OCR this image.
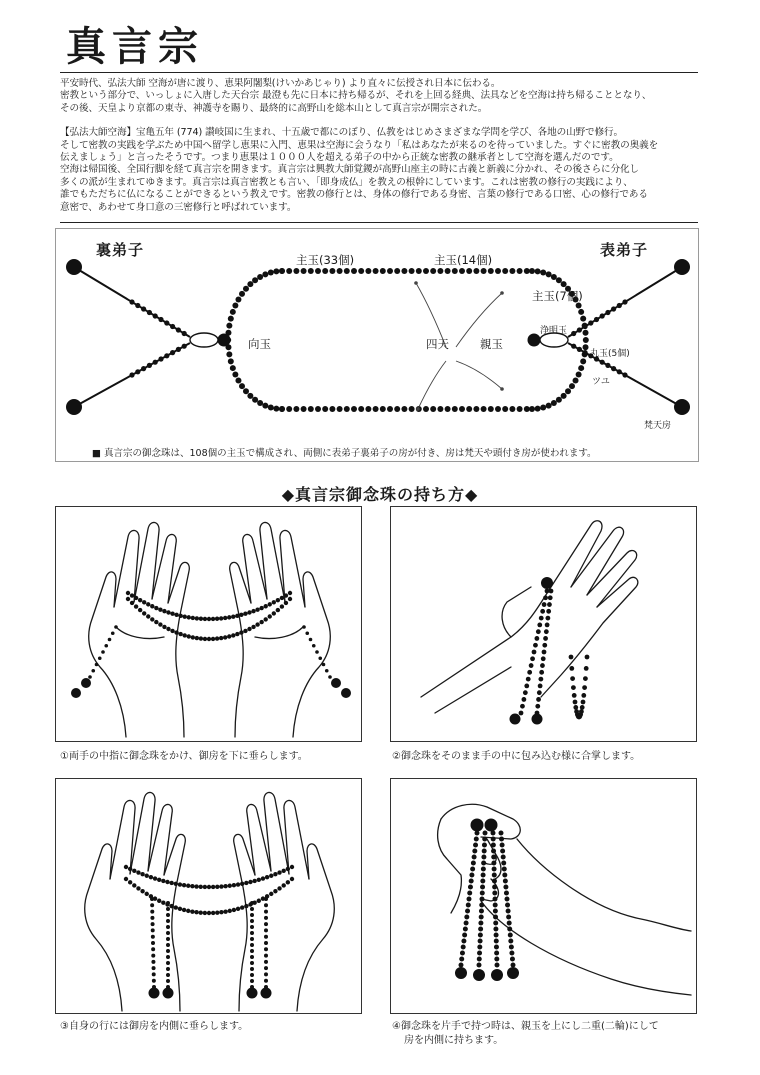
真言宗

平安時代、弘法大師 空海が唐に渡り、恵果阿闍梨(けいかあじゃり) より直々に伝授され日本に伝わる。

密教という部分で、いっしょに入唐した天台宗 最澄も先に日本に持ち帰るが、それを上回る経典、法具などを空海は持ち帰ることとなり、

その後、天皇より京都の東寺、神護寺を賜り、最終的に高野山を総本山として真言宗が開宗された。

【弘法大師空海】宝亀五年 (774) 讃岐国に生まれ、十五歳で都にのぼり、仏教をはじめさまざまな学問を学び、各地の山野で修行。

そして密教の実践を学ぶため中国へ留学し恵果に入門、恵果は空海に会うなり「私はあなたが来るのを待っていました。すぐに密教の奥義を

伝えましょう」と言ったそうです。つまり恵果は１０００人を超える弟子の中から正統な密教の継承者として空海を選んだのです。

空海は帰国後、全国行脚を経て真言宗を開きます。真言宗は興教大師覚鑁が高野山座主の時に古義と新義に分かれ、その後さらに分化し

多くの派が生まれてゆきます。真言宗は真言密教とも言い、「即身成仏」を教えの根幹にしています。これは密教の修行の実践により、

誰でもただちに仏になることができるという教えです。密教の修行とは、身体の修行である身密、言葉の修行である口密、心の修行である

意密で、あわせて身口意の三密修行と呼ばれています。

裏弟子	表弟子
主玉(33個)	主玉(14個)
主玉(7個)
浄明玉
丸玉(5個)
ツユ
梵天房
向玉	四天	親玉
■ 真言宗の御念珠は、108個の主玉で構成され、両側に表弟子裏弟子の房が付き、房は梵天や頭付き房が使われます。
◆真言宗御念珠の持ち方◆
①両手の中指に御念珠をかけ、御房を下に垂らします。	②御念珠をそのまま手の中に包み込む様に合掌します。
③自身の行には御房を内側に垂らします。	④御念珠を片手で持つ時は、親玉を上にし二重(二輪)にして
房を内側に持ちます。
